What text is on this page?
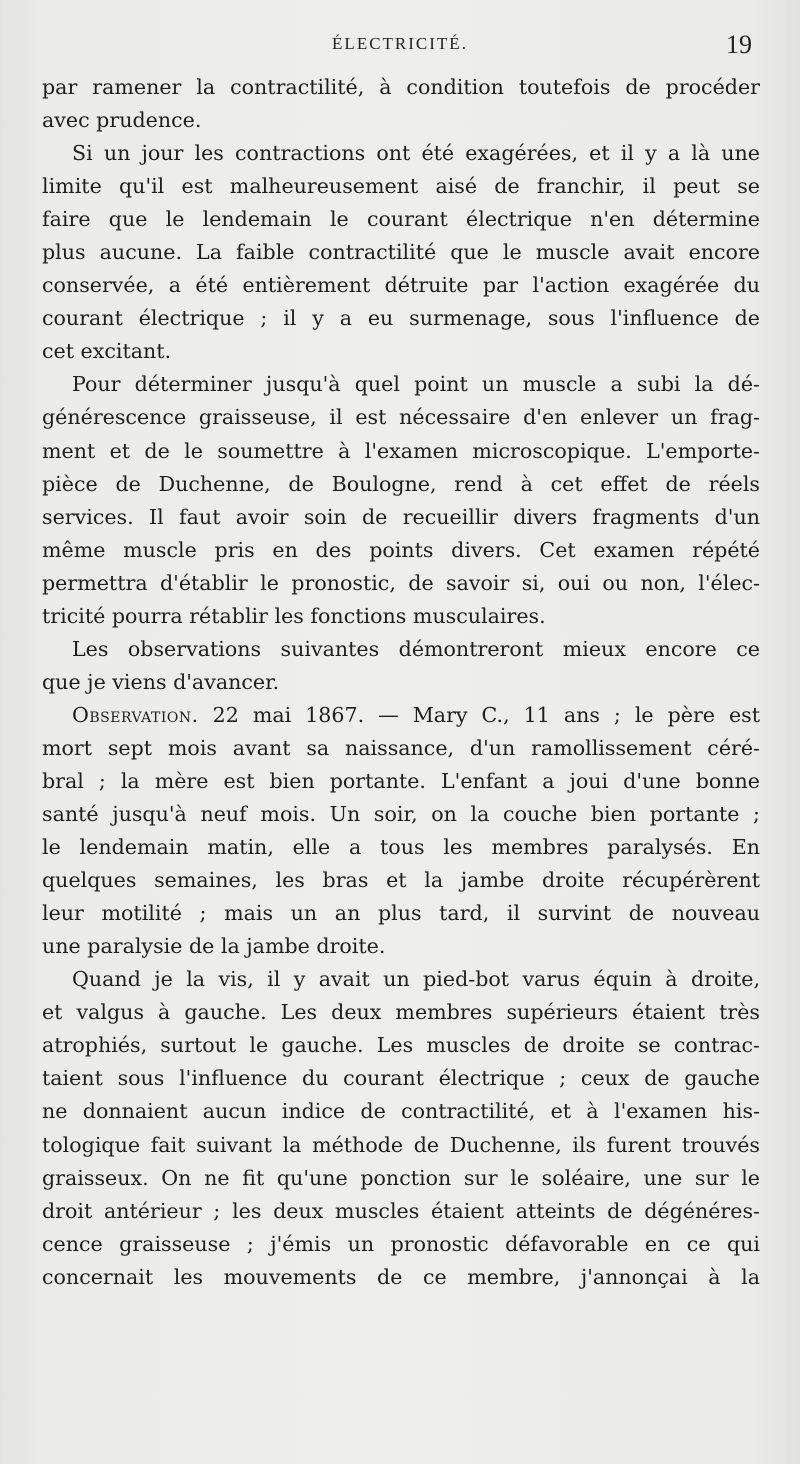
ÉLECTRICITÉ.	19
par ramener la contractilité, à condition toutefois de procéder
avec prudence.
Si un jour les contractions ont été exagérées, et il y a là une
limite qu'il est malheureusement aisé de franchir, il peut se
faire que le lendemain le courant électrique n'en détermine
plus aucune. La faible contractilité que le muscle avait encore
conservée, a été entièrement détruite par l'action exagérée du
courant électrique ; il y a eu surmenage, sous l'influence de
cet excitant.
Pour déterminer jusqu'à quel point un muscle a subi la dé-
générescence graisseuse, il est nécessaire d'en enlever un frag-
ment et de le soumettre à l'examen microscopique. L'emporte-
pièce de Duchenne, de Boulogne, rend à cet effet de réels
services. Il faut avoir soin de recueillir divers fragments d'un
même muscle pris en des points divers. Cet examen répété
permettra d'établir le pronostic, de savoir si, oui ou non, l'élec-
tricité pourra rétablir les fonctions musculaires.
Les observations suivantes démontreront mieux encore ce
que je viens d'avancer.
Observation. 22 mai 1867. — Mary C., 11 ans ; le père est
mort sept mois avant sa naissance, d'un ramollissement céré-
bral ; la mère est bien portante. L'enfant a joui d'une bonne
santé jusqu'à neuf mois. Un soir, on la couche bien portante ;
le lendemain matin, elle a tous les membres paralysés. En
quelques semaines, les bras et la jambe droite récupérèrent
leur motilité ; mais un an plus tard, il survint de nouveau
une paralysie de la jambe droite.
Quand je la vis, il y avait un pied-bot varus équin à droite,
et valgus à gauche. Les deux membres supérieurs étaient très
atrophiés, surtout le gauche. Les muscles de droite se contrac-
taient sous l'influence du courant électrique ; ceux de gauche
ne donnaient aucun indice de contractilité, et à l'examen his-
tologique fait suivant la méthode de Duchenne, ils furent trouvés
graisseux. On ne fit qu'une ponction sur le soléaire, une sur le
droit antérieur ; les deux muscles étaient atteints de dégénéres-
cence graisseuse ; j'émis un pronostic défavorable en ce qui
concernait les mouvements de ce membre, j'annonçai à la
